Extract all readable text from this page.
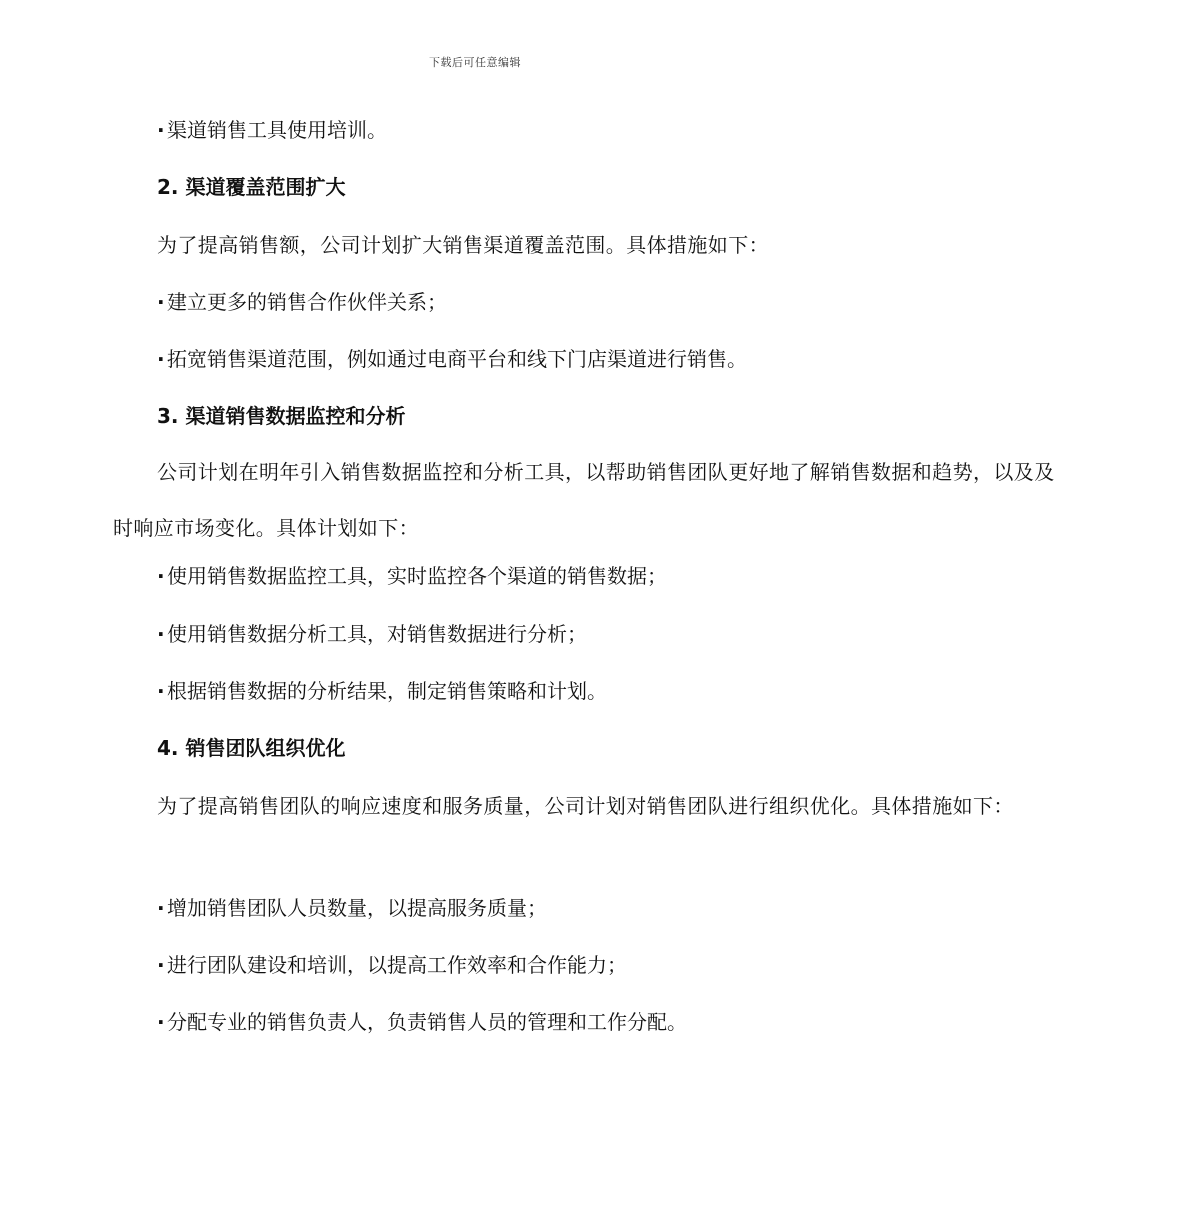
下载后可任意编辑
· 渠道销售工具使用培训。
2. 渠道覆盖范围扩大
为了提高销售额，公司计划扩大销售渠道覆盖范围。具体措施如下：
· 建立更多的销售合作伙伴关系；
· 拓宽销售渠道范围，例如通过电商平台和线下门店渠道进行销售。
3. 渠道销售数据监控和分析
公司计划在明年引入销售数据监控和分析工具，以帮助销售团队更好地了解销售数据和趋势，以及及时响应市场变化。具体计划如下：
· 使用销售数据监控工具，实时监控各个渠道的销售数据；
· 使用销售数据分析工具，对销售数据进行分析；
· 根据销售数据的分析结果，制定销售策略和计划。
4. 销售团队组织优化
为了提高销售团队的响应速度和服务质量，公司计划对销售团队进行组织优化。具体措施如下：
· 增加销售团队人员数量，以提高服务质量；
· 进行团队建设和培训，以提高工作效率和合作能力；
· 分配专业的销售负责人，负责销售人员的管理和工作分配。
